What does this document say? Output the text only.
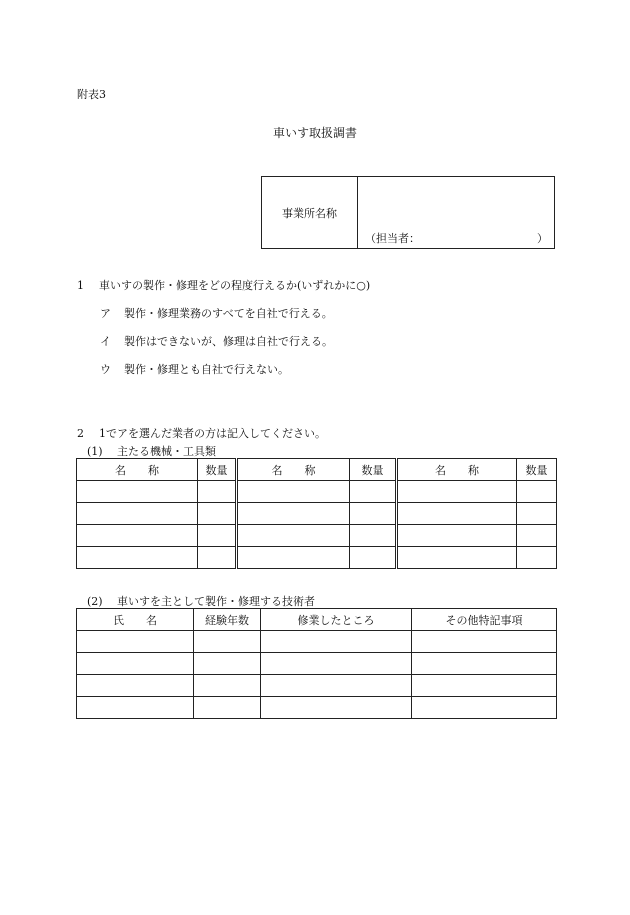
附表3
車いす取扱調書
事業所名称
（担当者：	）
1 車いすの製作・修理をどの程度行えるか(いずれかに○)
ア 製作・修理業務のすべてを自社で行える。
イ 製作はできないが、修理は自社で行える。
ウ 製作・修理とも自社で行えない。
2 1でアを選んだ業者の方は記入してください。
(1) 主たる機械・工具類
名　　称	数量	名　　称	数量	名　　称	数量

(2) 車いすを主として製作・修理する技術者
氏　　名	経験年数	修業したところ	その他特記事項
